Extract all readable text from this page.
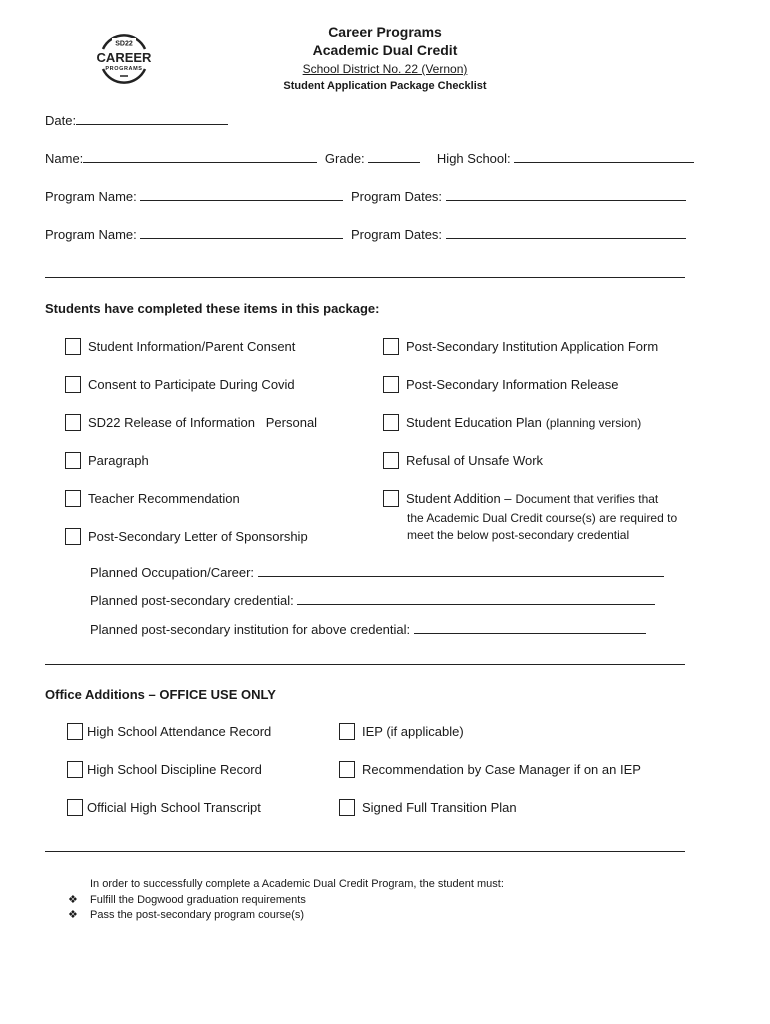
SD22
CAREER
PROGRAMS
Career Programs
Academic Dual Credit
School District No. 22 (Vernon)
Student Application Package Checklist
Date:
Name:	Grade:	High School:
Program Name:	Program Dates:
Program Name:	Program Dates:
Students have completed these items in this package:
Student Information/Parent Consent
Consent to Participate During Covid
SD22 Release of Information   Personal
Paragraph
Teacher Recommendation
Post-Secondary Letter of Sponsorship
Post-Secondary Institution Application Form
Post-Secondary Information Release
Student Education Plan (planning version)
Refusal of Unsafe Work
Student Addition – Document that verifies that
the Academic Dual Credit course(s) are required to
meet the below post-secondary credential
Planned Occupation/Career:
Planned post-secondary credential:
Planned post-secondary institution for above credential:
Office Additions – OFFICE USE ONLY
High School Attendance Record
High School Discipline Record
Official High School Transcript
IEP (if applicable)
Recommendation by Case Manager if on an IEP
Signed Full Transition Plan
In order to successfully complete a Academic Dual Credit Program, the student must:
❖ Fulfill the Dogwood graduation requirements
❖ Pass the post-secondary program course(s)
